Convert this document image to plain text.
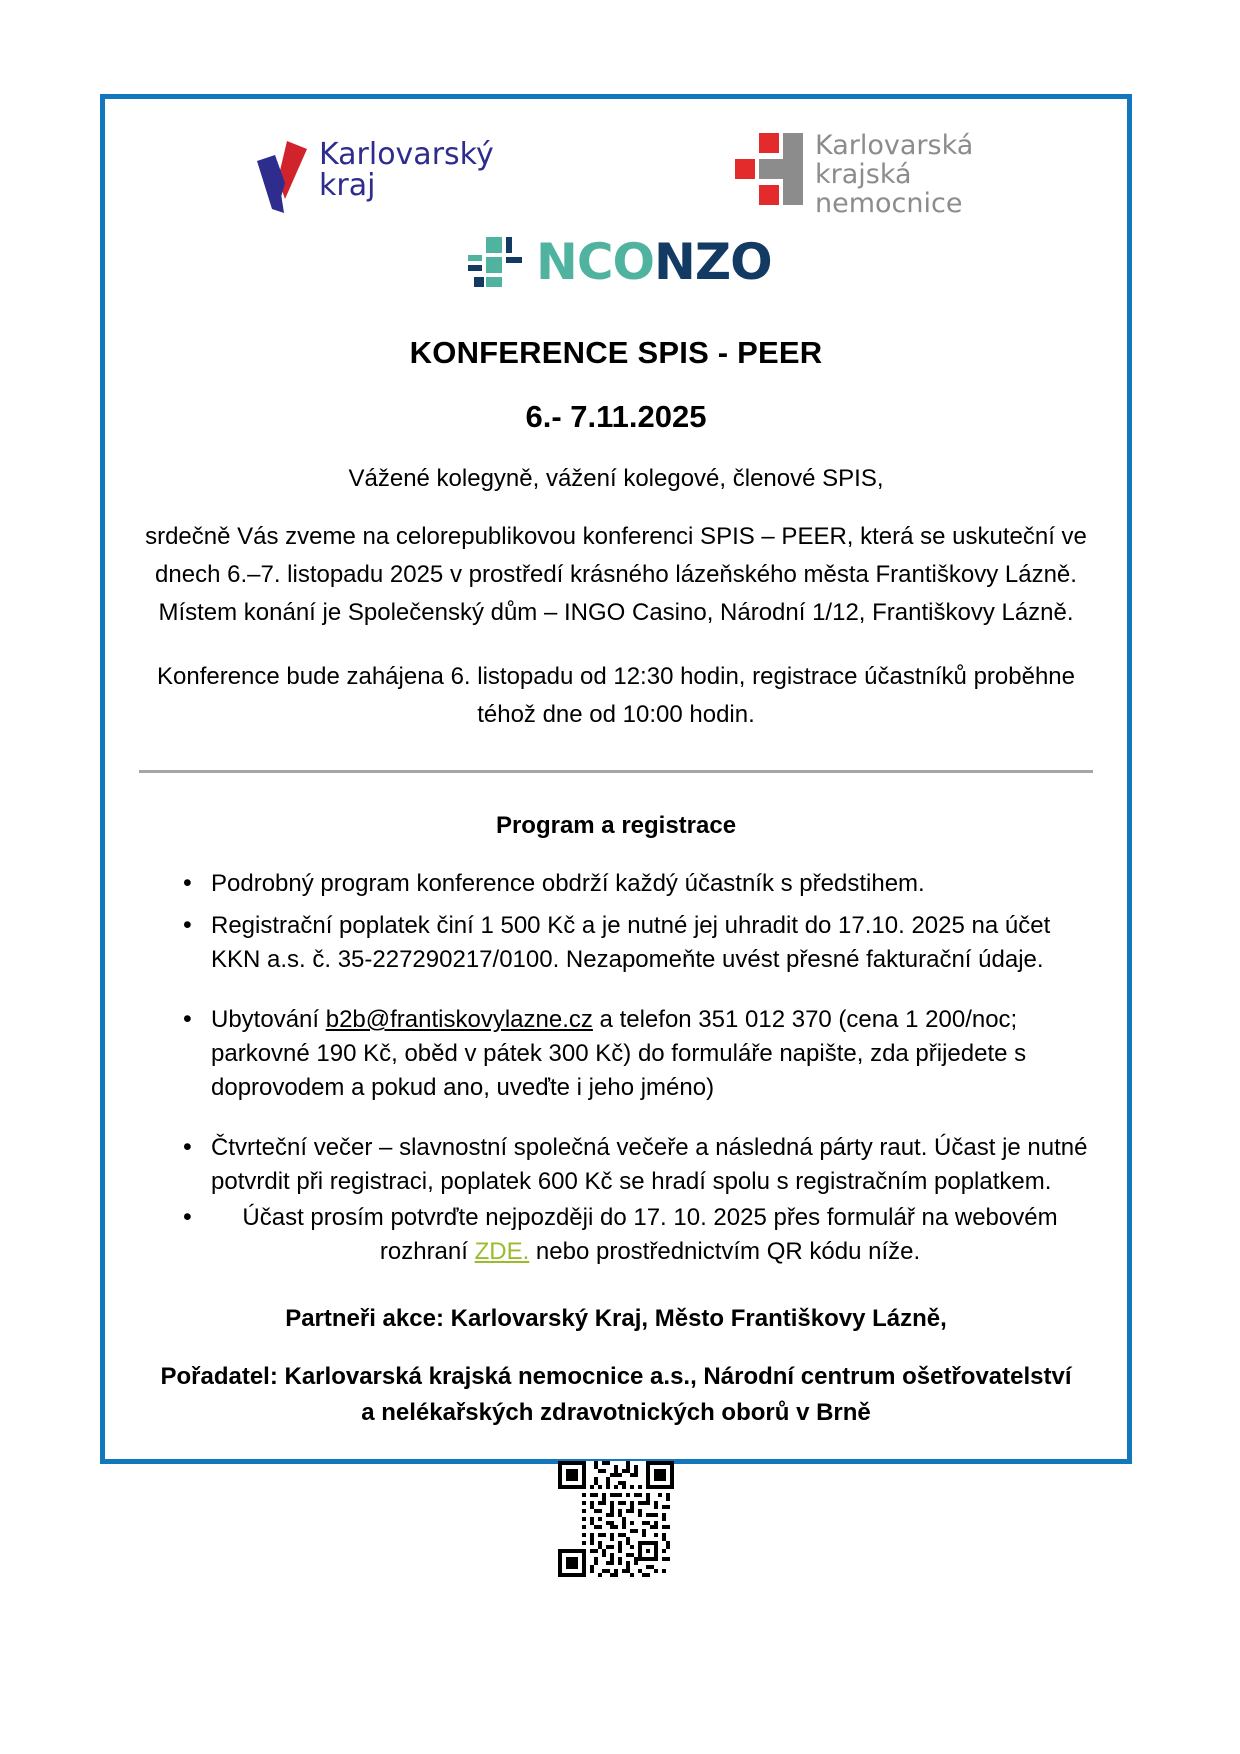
Karlovarský
kraj
Karlovarská
krajská
nemocnice
NCONZO
KONFERENCE SPIS - PEER
6.- 7.11.2025
Vážené kolegyně, vážení kolegové, členové SPIS,
srdečně Vás zveme na celorepublikovou konferenci SPIS – PEER, která se uskuteční ve dnech 6.–7. listopadu 2025 v prostředí krásného lázeňského města Františkovy Lázně. Místem konání je Společenský dům – INGO Casino, Národní 1/12, Františkovy Lázně.
Konference bude zahájena 6. listopadu od 12:30 hodin, registrace účastníků proběhne téhož dne od 10:00 hodin.
Program a registrace
• Podrobný program konference obdrží každý účastník s předstihem.
• Registrační poplatek činí 1 500 Kč a je nutné jej uhradit do 17.10. 2025 na účet KKN a.s. č. 35-227290217/0100. Nezapomeňte uvést přesné fakturační údaje.
• Ubytování b2b@frantiskovylazne.cz a telefon 351 012 370 (cena 1 200/noc; parkovné 190 Kč, oběd v pátek 300 Kč) do formuláře napište, zda přijedete s doprovodem a pokud ano, uveďte i jeho jméno)
• Čtvrteční večer – slavnostní společná večeře a následná párty raut. Účast je nutné potvrdit při registraci, poplatek 600 Kč se hradí spolu s registračním poplatkem.
• Účast prosím potvrďte nejpozději do 17. 10. 2025 přes formulář na webovém rozhraní ZDE. nebo prostřednictvím QR kódu níže.
Partneři akce: Karlovarský Kraj, Město Františkovy Lázně,
Pořadatel: Karlovarská krajská nemocnice a.s., Národní centrum ošetřovatelství a nelékařských zdravotnických oborů v Brně
